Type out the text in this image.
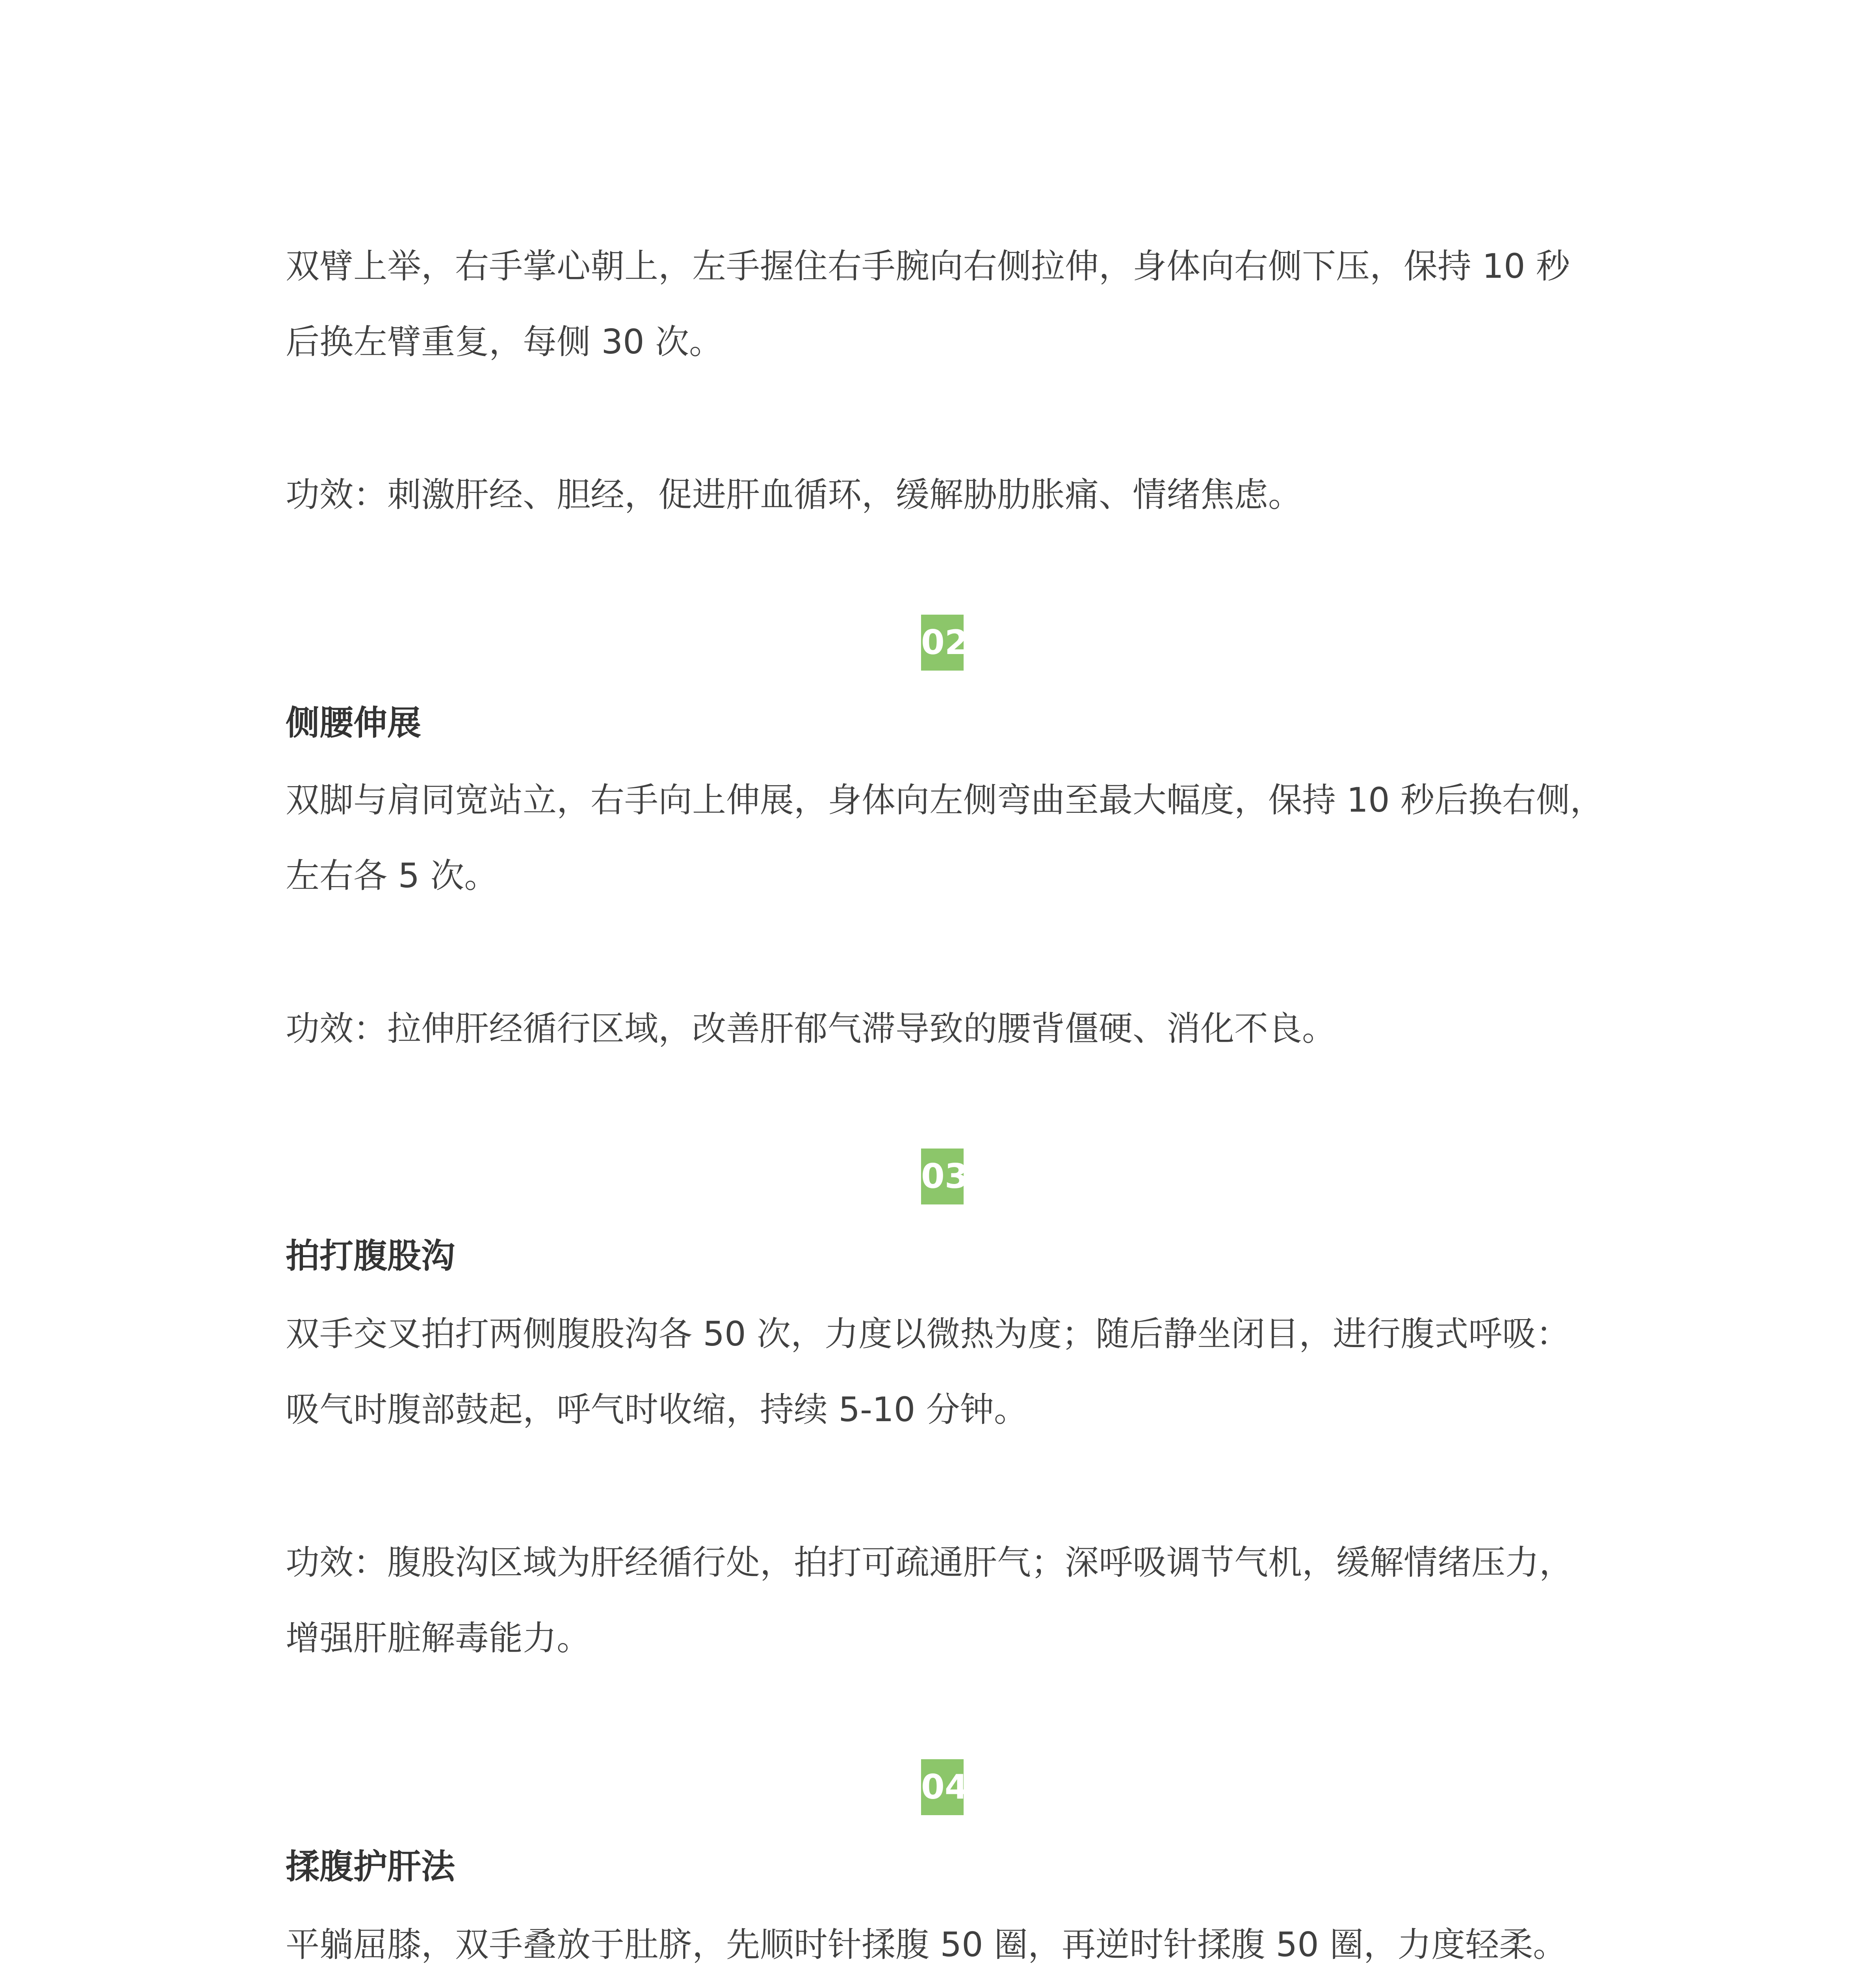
双臂上举，右手掌心朝上，左手握住右手腕向右侧拉伸，身体向右侧下压，保持 10 秒
后换左臂重复，每侧 30 次。

功效：刺激肝经、胆经，促进肝血循环，缓解胁肋胀痛、情绪焦虑。

02

侧腰伸展

双脚与肩同宽站立，右手向上伸展，身体向左侧弯曲至最大幅度，保持 10 秒后换右侧，
左右各 5 次。

功效：拉伸肝经循行区域，改善肝郁气滞导致的腰背僵硬、消化不良。

03

拍打腹股沟

双手交叉拍打两侧腹股沟各 50 次，力度以微热为度；随后静坐闭目，进行腹式呼吸：
吸气时腹部鼓起，呼气时收缩，持续 5-10 分钟。

功效：腹股沟区域为肝经循行处，拍打可疏通肝气；深呼吸调节气机，缓解情绪压力，
增强肝脏解毒能力。

04

揉腹护肝法

平躺屈膝，双手叠放于肚脐，先顺时针揉腹 50 圈，再逆时针揉腹 50 圈，力度轻柔。
